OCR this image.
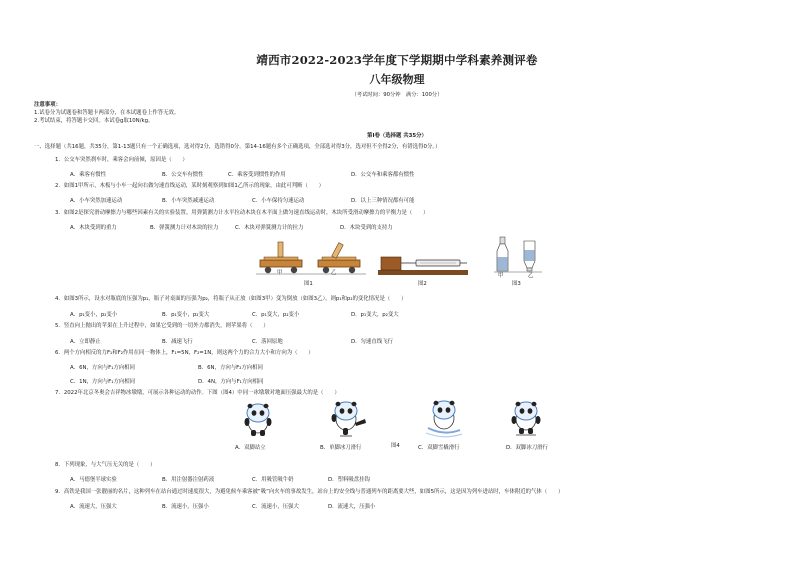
靖西市2022-2023学年度下学期期中学科素养测评卷
八年级物理
（考试时间：90分钟　满分：100分）
注意事项：
1.试卷分为试题卷和答题卡两部分，在本试题卷上作答无效。
2.考试结束，将答题卡交回。本试卷g取10N/kg。
第Ⅰ卷（选择题 共35分）
一、选择题（共16题，共35分，第1-13题只有一个正确选项，选对得2分，选错得0分。第14-16题有多个正确选项，全部选对得3分，选对但不全得2分，有错选得0分。）
1．公交车突然刹车时，乘客会向前倾，原因是（　　）
A．乘客有惯性	B．公交车有惯性	C．乘客受到惯性的作用	D．公交车和乘客都有惯性
2．如图1甲所示，木板与小车一起向右做匀速直线运动，某时刻观察到如图1乙所示的现象，由此可判断（　　）
A．小车突然加速运动	B．小车突然减速运动	C．小车保持匀速运动	D．以上三种情况都有可能
3．如图2是探究滑动摩擦力与哪些因素有关的实验装置。用弹簧测力计水平拉动木块在木平面上做匀速直线运动时，木块所受滑动摩擦力的平衡力是（　　）
A．木块受到的重力	B．弹簧测力计对木块的拉力	C．木块对弹簧测力计的拉力	D．木块受到的支持力
甲	乙
图1	图2
甲	乙
图3
4．如图3所示，设水对瓶底的压强为p₁，瓶子对桌面的压强为p₂，将瓶子从正放（如图3甲）变为倒放（如图3乙），则p₁和p₂的变化情况是（　　）
A．p₁变小，p₂变小	B．p₁变小，p₂变大	C．p₁变大，p₂变小	D．p₁变大，p₂变大
5．竖直向上抛出的苹果在上升过程中，如果它受到的一切外力都消失，则苹果将（　　）
A．立即静止	B．减速飞行	C．落回原地	D．匀速直线飞行
6．两个方向相反的力F₁和F₂作用在同一物体上，F₁=5N，F₂=1N，则这两个力的合力大小和方向为（　　）
A．6N，方向与F₁方向相同	B．6N，方向与F₂方向相同
C．1N，方向与F₁方向相同	D．4N，方向与F₁方向相同
7．2022年北京冬奥会吉祥物冰墩墩，可展示各种运动的动作。下图（图4）中同一冰墩墩对地面压强最大的是（　　）
A．双脚站立	B．单脚冰刀滑行	图4	C．双脚雪橇滑行	D．双脚冰刀滑行
8．下列现象，与大气压无关的是（　　）
A．马德堡半球实验	B．用注射器注射药液	C．用吸管吸牛奶	D．塑料吸盘挂钩
9．高铁是我国一张靓丽的名片，这种列车在站台通过时速度很大，为避免候车乘客被“吸”向火车的事故发生，站台上的安全线与普通列车的距离要大些，如图5所示，这是因为列车进站时，车体附近的气体（　　）
A．流速大，压强大	B．流速小，压强小	C．流速小，压强大	D．流速大，压强小
